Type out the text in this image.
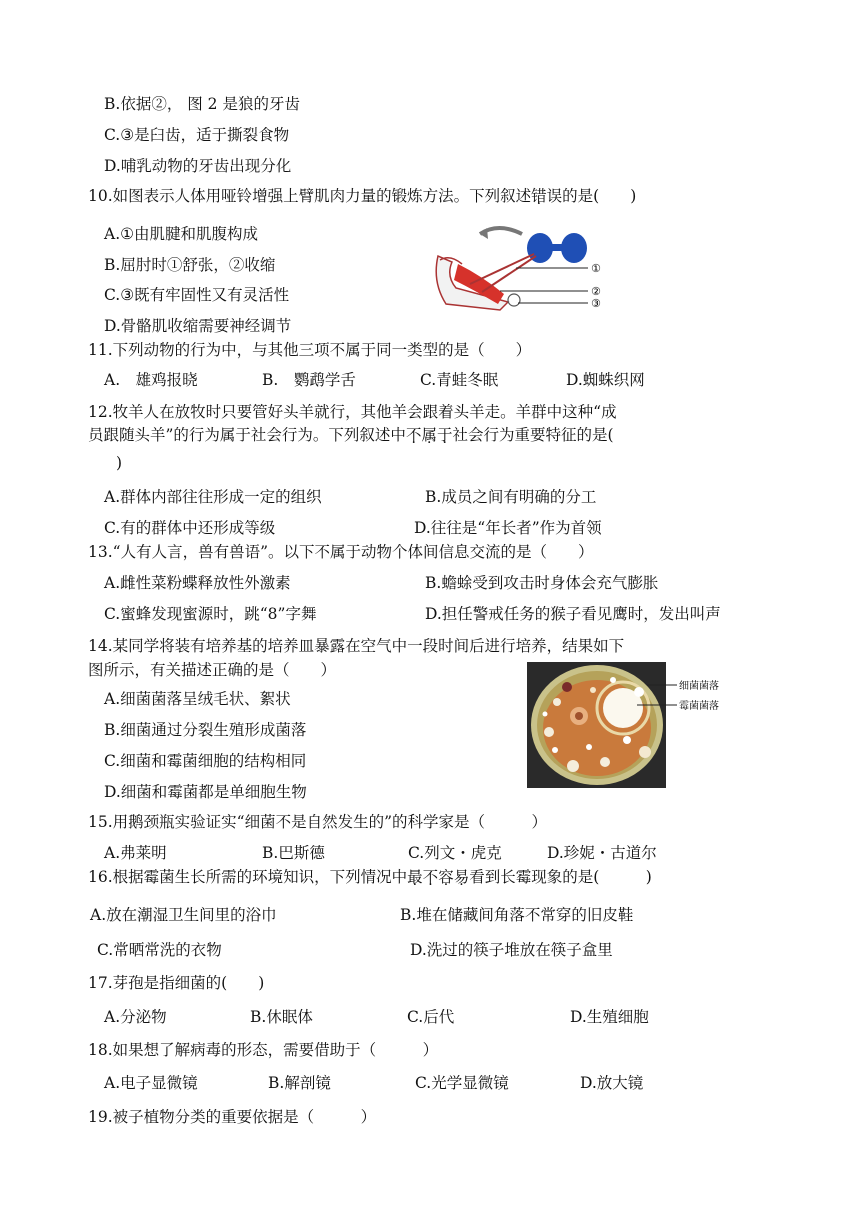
B.依据②， 图 2 是狼的牙齿
C.③是臼齿，适于撕裂食物
D.哺乳动物的牙齿出现分化
10.如图表示人体用哑铃增强上臂肌肉力量的锻炼方法。下列叙述错误的是(　　)
A.①由肌腱和肌腹构成
B.屈肘时①舒张，②收缩
C.③既有牢固性又有灵活性
D.骨骼肌收缩需要神经调节
①
②
③
11.下列动物的行为中，与其他三项不属于同一类型的是（　　）
A.　雄鸡报晓	B.　鹦鹉学舌	C.青蛙冬眠	D.蜘蛛织网
12.牧羊人在放牧时只要管好头羊就行，其他羊会跟着头羊走。羊群中这种“成
员跟随头羊”的行为属于社会行为。下列叙述中不属于社会行为重要特征的是(
)
A.群体内部往往形成一定的组织	B.成员之间有明确的分工
C.有的群体中还形成等级	D.往往是“年长者”作为首领
13.“人有人言，兽有兽语”。以下不属于动物个体间信息交流的是（　　）
A.雌性菜粉蝶释放性外激素	B.蟾蜍受到攻击时身体会充气膨胀
C.蜜蜂发现蜜源时，跳“8”字舞	D.担任警戒任务的猴子看见鹰时，发出叫声
14.某同学将装有培养基的培养皿暴露在空气中一段时间后进行培养，结果如下
图所示，有关描述正确的是（　　）
A.细菌菌落呈绒毛状、絮状
B.细菌通过分裂生殖形成菌落
C.细菌和霉菌细胞的结构相同
D.细菌和霉菌都是单细胞生物
细菌菌落
霉菌菌落
15.用鹅颈瓶实验证实“细菌不是自然发生的”的科学家是（　　　）
A.弗莱明	B.巴斯德	C.列文・虎克	D.珍妮・古道尔
16.根据霉菌生长所需的环境知识，下列情况中最不容易看到长霉现象的是(　　　)
A.放在潮湿卫生间里的浴巾	B.堆在储藏间角落不常穿的旧皮鞋
C.常晒常洗的衣物	D.洗过的筷子堆放在筷子盒里
17.芽孢是指细菌的(　　)
A.分泌物	B.休眠体	C.后代	D.生殖细胞
18.如果想了解病毒的形态，需要借助于（　　　）
A.电子显微镜	B.解剖镜	C.光学显微镜	D.放大镜
19.被子植物分类的重要依据是（　　　）
